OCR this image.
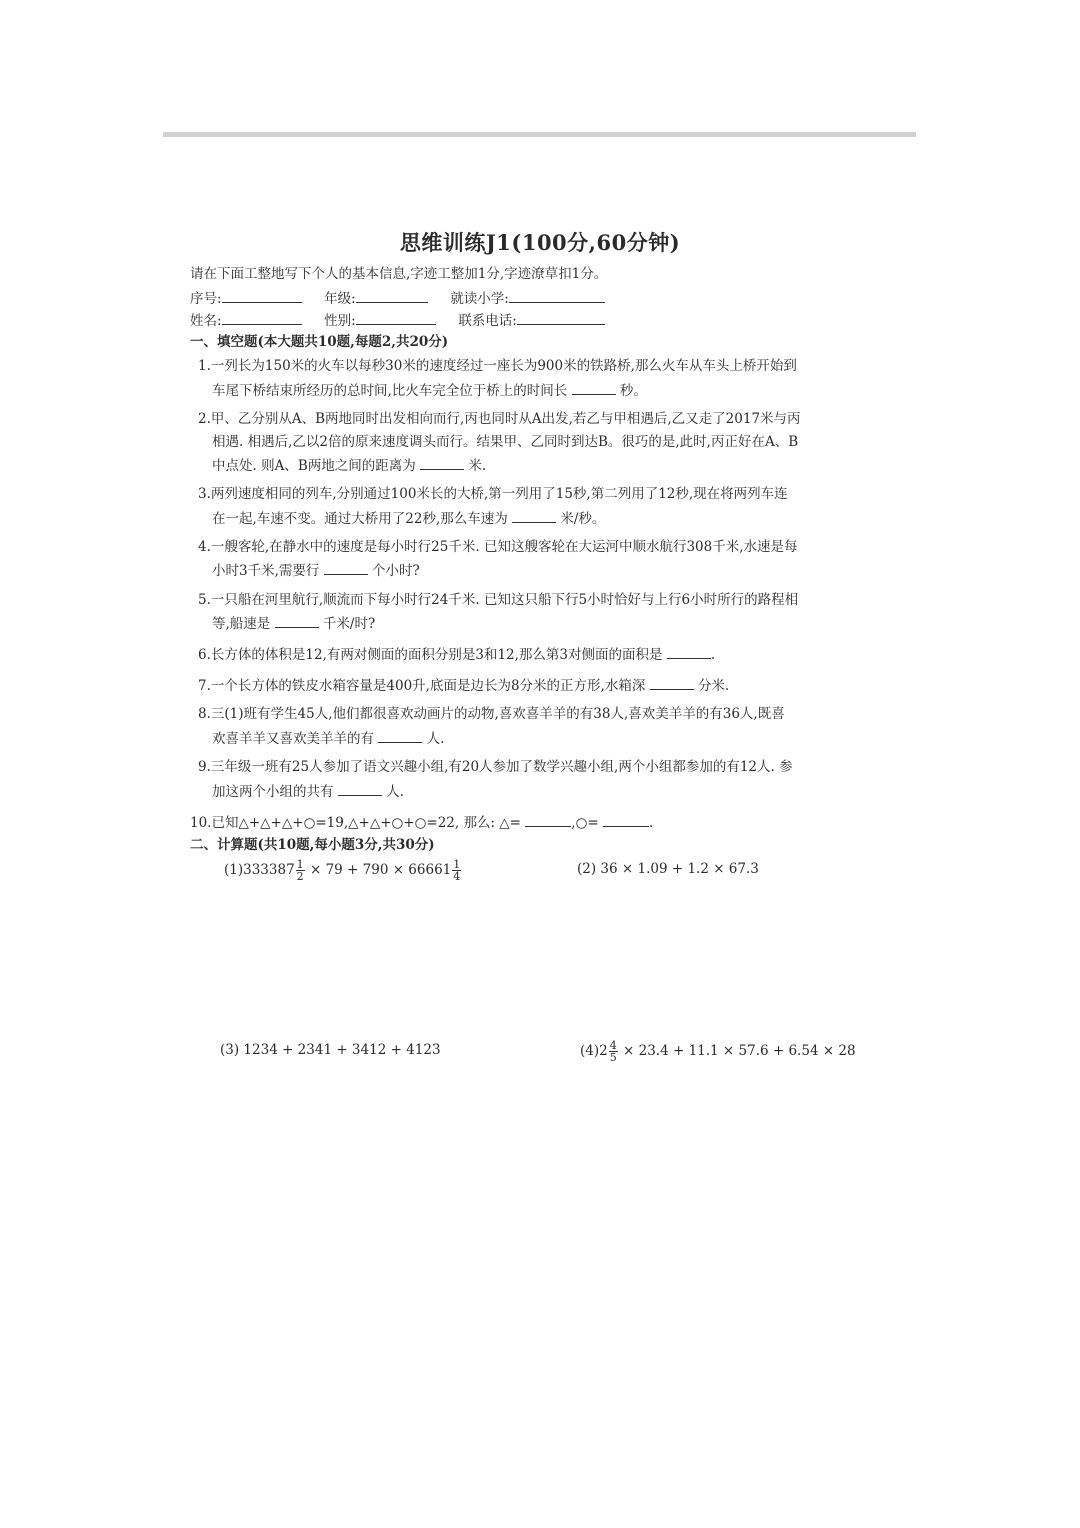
思维训练J1(100分,60分钟)
请在下面工整地写下个人的基本信息,字迹工整加1分,字迹潦草扣1分。
序号:	年级:	就读小学:
姓名:	性别:	联系电话:
一、填空题(本大题共10题,每题2,共20分)
1.一列长为150米的火车以每秒30米的速度经过一座长为900米的铁路桥,那么火车从车头上桥开始到
车尾下桥结束所经历的总时间,比火车完全位于桥上的时间长	秒。
2.甲、乙分别从A、B两地同时出发相向而行,丙也同时从A出发,若乙与甲相遇后,乙又走了2017米与丙
相遇. 相遇后,乙以2倍的原来速度调头而行。结果甲、乙同时到达B。很巧的是,此时,丙正好在A、B
中点处. 则A、B两地之间的距离为	米.
3.两列速度相同的列车,分别通过100米长的大桥,第一列用了15秒,第二列用了12秒,现在将两列车连
在一起,车速不变。通过大桥用了22秒,那么车速为	米/秒。
4.一艘客轮,在静水中的速度是每小时行25千米. 已知这艘客轮在大运河中顺水航行308千米,水速是每
小时3千米,需要行	个小时?
5.一只船在河里航行,顺流而下每小时行24千米. 已知这只船下行5小时恰好与上行6小时所行的路程相
等,船速是	千米/时?
6.长方体的体积是12,有两对侧面的面积分别是3和12,那么第3对侧面的面积是	.
7.一个长方体的铁皮水箱容量是400升,底面是边长为8分米的正方形,水箱深	分米.
8.三(1)班有学生45人,他们都很喜欢动画片的动物,喜欢喜羊羊的有38人,喜欢美羊羊的有36人,既喜
欢喜羊羊又喜欢美羊羊的有	人.
9.三年级一班有25人参加了语文兴趣小组,有20人参加了数学兴趣小组,两个小组都参加的有12人. 参
加这两个小组的共有	人.
10.已知△+△+△+○=19,△+△+○+○=22, 那么: △=	,○=	.
二、计算题(共10题,每小题3分,共30分)
$(1)333387 \frac{1}{2} \times 79 + 790 \times 66661 \frac{1}{4}$	(2) 36 × 1.09 + 1.2 × 67.3
(3) 1234 + 2341 + 3412 + 4123	$(4)2 \frac{4}{5} \times 23.4 + 11.1 \times 57.6 + 6.54 \times 28$
